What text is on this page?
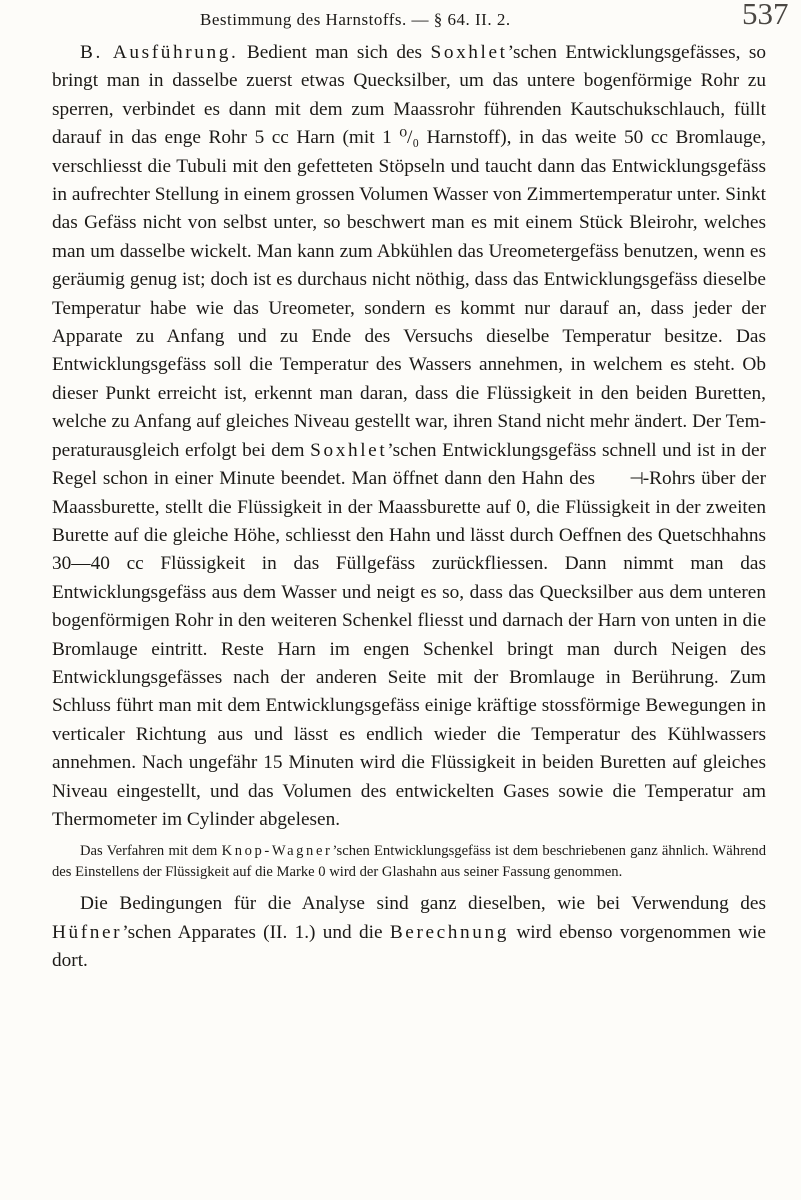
Bestimmung des Harnstoffs. — § 64. II. 2.	537

B. Ausführung. Bedient man sich des Soxhlet’schen Entwicklungsgefässes, so bringt man in dasselbe zuerst etwas Quecksilber, um das untere bogenförmige Rohr zu sperren, verbindet es dann mit dem zum Maassrohr führenden Kautschukschlauch, füllt darauf in das enge Rohr 5 cc Harn (mit 1 ⁰/₀ Harnstoff), in das weite 50 cc Bromlauge, verschliesst die Tubuli mit den gefetteten Stöpseln und taucht dann das Entwicklungsgefäss in aufrechter Stellung in einem grossen Volumen Wasser von Zimmertemperatur unter. Sinkt das Gefäss nicht von selbst unter, so beschwert man es mit einem Stück Bleirohr, welches man um dasselbe wickelt. Man kann zum Abkühlen das Ureometergefäss benutzen, wenn es geräumig genug ist; doch ist es durchaus nicht nöthig, dass das Entwicklungsgefäss dieselbe Temperatur habe wie das Ureometer, sondern es kommt nur darauf an, dass jeder der Apparate zu Anfang und zu Ende des Versuchs dieselbe Temperatur besitze. Das Entwicklungsgefäss soll die Temperatur des Wassers annehmen, in welchem es steht. Ob dieser Punkt erreicht ist, erkennt man daran, dass die Flüssigkeit in den beiden Buretten, welche zu Anfang auf gleiches Niveau gestellt war, ihren Stand nicht mehr ändert. Der Temperaturausgleich erfolgt bei dem Soxhlet’schen Entwicklungsgefäss schnell und ist in der Regel schon in einer Minute beendet. Man öffnet dann den Hahn des ⊣-Rohrs über der Maassburette, stellt die Flüssigkeit in der Maassburette auf 0, die Flüssigkeit in der zweiten Burette auf die gleiche Höhe, schliesst den Hahn und lässt durch Oeffnen des Quetschhahns 30—40 cc Flüssigkeit in das Füllgefäss zurückfliessen. Dann nimmt man das Entwicklungsgefäss aus dem Wasser und neigt es so, dass das Quecksilber aus dem unteren bogenförmigen Rohr in den weiteren Schenkel fliesst und darnach der Harn von unten in die Bromlauge eintritt. Reste Harn im engen Schenkel bringt man durch Neigen des Entwicklungsgefässes nach der anderen Seite mit der Bromlauge in Berührung. Zum Schluss führt man mit dem Entwicklungsgefäss einige kräftige stossförmige Bewegungen in verticaler Richtung aus und lässt es endlich wieder die Temperatur des Kühlwassers annehmen. Nach ungefähr 15 Minuten wird die Flüssigkeit in beiden Buretten auf gleiches Niveau eingestellt, und das Volumen des entwickelten Gases sowie die Temperatur am Thermometer im Cylinder abgelesen.

Das Verfahren mit dem Knop-Wagner’schen Entwicklungsgefäss ist dem beschriebenen ganz ähnlich. Während des Einstellens der Flüssigkeit auf die Marke 0 wird der Glashahn aus seiner Fassung genommen.

Die Bedingungen für die Analyse sind ganz dieselben, wie bei Verwendung des Hüfner’schen Apparates (II. 1.) und die Berechnung wird ebenso vorgenommen wie dort.
